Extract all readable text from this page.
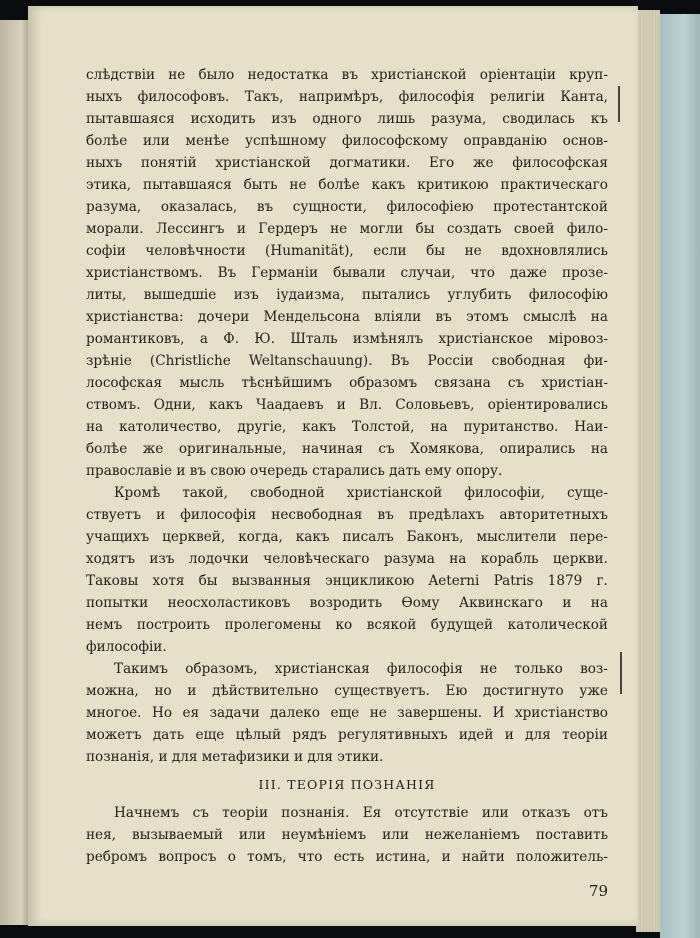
слѣдствіи не было недостатка въ христіанской оріентаціи круп-
ныхъ философовъ. Такъ, напримѣръ, философія религіи Канта,
пытавшаяся исходить изъ одного лишь разума, сводилась къ
болѣе или менѣе успѣшному философскому оправданію основ-
ныхъ понятій христіанской догматики. Его же философская
этика, пытавшаяся быть не болѣе какъ критикою практическаго
разума, оказалась, въ сущности, философіею протестантской
морали. Лессингъ и Гердеръ не могли бы создать своей фило-
софіи человѣчности (Humanität), если бы не вдохновлялись
христіанствомъ. Въ Германіи бывали случаи, что даже прозе-
литы, вышедшіе изъ іудаизма, пытались углубить философію
христіанства: дочери Мендельсона вліяли въ этомъ смыслѣ на
романтиковъ, а Ф. Ю. Шталь измѣнялъ христіанское міровоз-
зрѣніе (Christliche Weltanschauung). Въ Россіи свободная фи-
лософская мысль тѣснѣйшимъ образомъ связана съ христіан-
ствомъ. Одни, какъ Чаадаевъ и Вл. Соловьевъ, оріентировались
на католичество, другіе, какъ Толстой, на пуританство. Наи-
болѣе же оригинальные, начиная съ Хомякова, опирались на
православіе и въ свою очередь старались дать ему опору.
Кромѣ такой, свободной христіанской философіи, суще-
ствуетъ и философія несвободная въ предѣлахъ авторитетныхъ
учащихъ церквей, когда, какъ писалъ Баконъ, мыслители пере-
ходятъ изъ лодочки человѣческаго разума на корабль церкви.
Таковы хотя бы вызванныя энцикликою Aeterni Patris 1879 г.
попытки неосхоластиковъ возродить Ѳому Аквинскаго и на
немъ построить пролегомены ко всякой будущей католической
философіи.
Такимъ образомъ, христіанская философія не только воз-
можна, но и дѣйствительно существуетъ. Ею достигнуто уже
многое. Но ея задачи далеко еще не завершены. И христіанство
можетъ дать еще цѣлый рядъ регулятивныхъ идей и для теоріи
познанія, и для метафизики и для этики.
III. ТЕОРІЯ ПОЗНАНІЯ
Начнемъ съ теоріи познанія. Ея отсутствіе или отказъ отъ
нея, вызываемый или неумѣніемъ или нежеланіемъ поставить
ребромъ вопросъ о томъ, что есть истина, и найти положитель-
79
